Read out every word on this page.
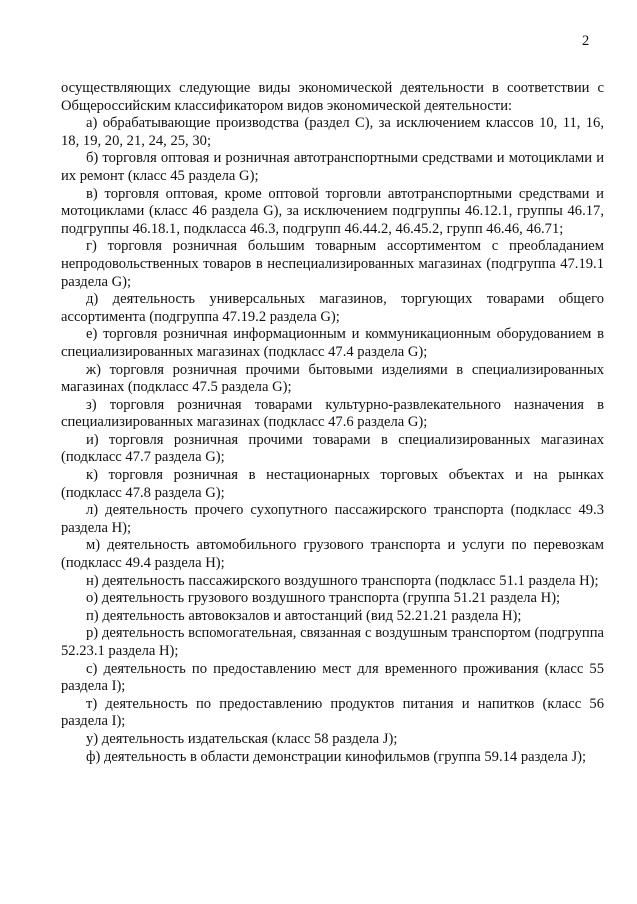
2

осуществляющих следующие виды экономической деятельности в соответствии с Общероссийским классификатором видов экономической деятельности:

а) обрабатывающие производства (раздел C), за исключением классов 10, 11, 16, 18, 19, 20, 21, 24, 25, 30;

б) торговля оптовая и розничная автотранспортными средствами и мотоциклами и их ремонт (класс 45 раздела G);

в) торговля оптовая, кроме оптовой торговли автотранспортными средствами и мотоциклами (класс 46 раздела G), за исключением подгруппы 46.12.1, группы 46.17, подгруппы 46.18.1, подкласса 46.3, подгрупп 46.44.2, 46.45.2, групп 46.46, 46.71;

г) торговля розничная большим товарным ассортиментом с преобладанием непродовольственных товаров в неспециализированных магазинах (подгруппа 47.19.1 раздела G);

д) деятельность универсальных магазинов, торгующих товарами общего ассортимента (подгруппа 47.19.2 раздела G);

е) торговля розничная информационным и коммуникационным оборудованием в специализированных магазинах (подкласс 47.4 раздела G);

ж) торговля розничная прочими бытовыми изделиями в специализированных магазинах (подкласс 47.5 раздела G);

з) торговля розничная товарами культурно-развлекательного назначения в специализированных магазинах (подкласс 47.6 раздела G);

и) торговля розничная прочими товарами в специализированных магазинах (подкласс 47.7 раздела G);

к) торговля розничная в нестационарных торговых объектах и на рынках (подкласс 47.8 раздела G);

л) деятельность прочего сухопутного пассажирского транспорта (подкласс 49.3 раздела H);

м) деятельность автомобильного грузового транспорта и услуги по перевозкам (подкласс 49.4 раздела H);

н) деятельность пассажирского воздушного транспорта (подкласс 51.1 раздела H);

о) деятельность грузового воздушного транспорта (группа 51.21 раздела H);

п) деятельность автовокзалов и автостанций (вид 52.21.21 раздела H);

р) деятельность вспомогательная, связанная с воздушным транспортом (подгруппа 52.23.1 раздела H);

с) деятельность по предоставлению мест для временного проживания (класс 55 раздела I);

т) деятельность по предоставлению продуктов питания и напитков (класс 56 раздела I);

у) деятельность издательская (класс 58 раздела J);

ф) деятельность в области демонстрации кинофильмов (группа 59.14 раздела J);
